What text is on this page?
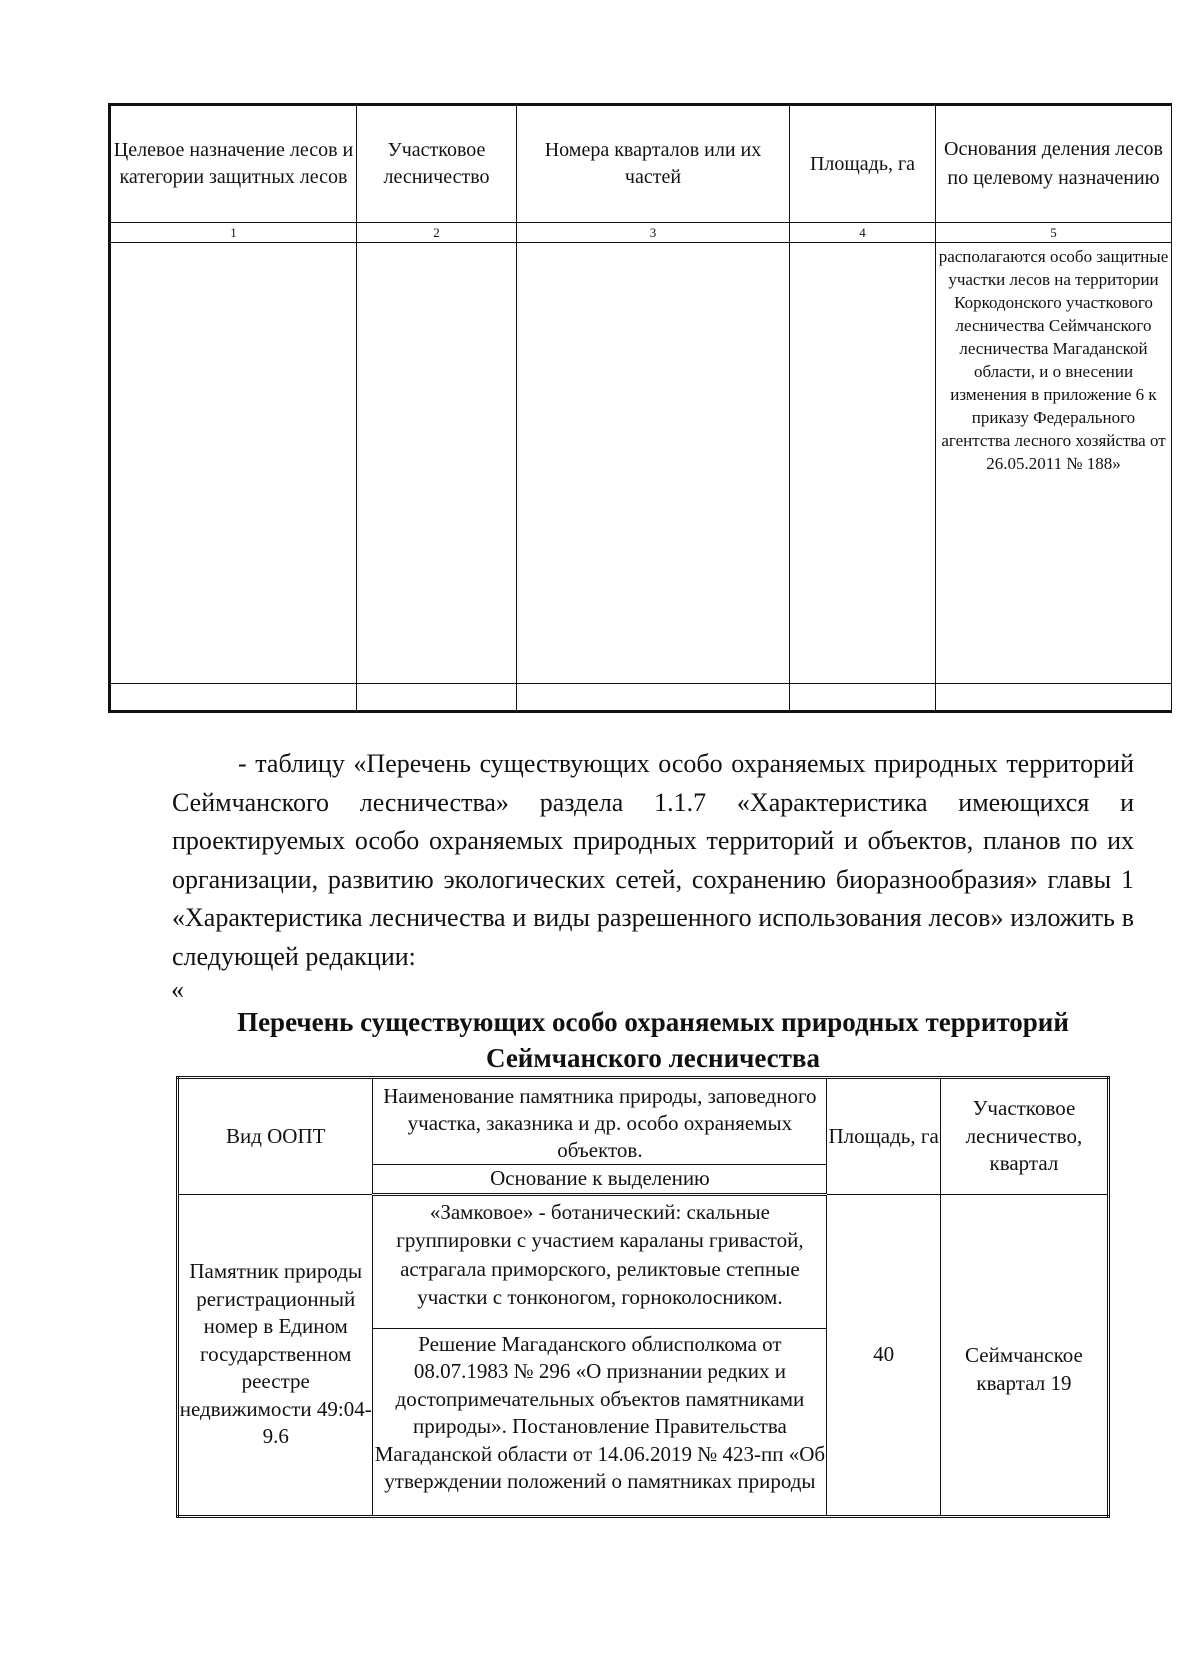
Целевое назначение лесов и категории защитных лесов	Участковое лесничество	Номера кварталов или их частей	Площадь, га	Основания деления лесов по целевому назначению
1	2	3	4	5
				располагаются особо защитные участки лесов на территории Коркодонского участкового лесничества Сеймчанского лесничества Магаданской области, и о внесении изменения в приложение 6 к приказу Федерального агентства лесного хозяйства от 26.05.2011 № 188»

- таблицу «Перечень существующих особо охраняемых природных территорий Сеймчанского лесничества» раздела 1.1.7 «Характеристика имеющихся и проектируемых особо охраняемых природных территорий и объектов, планов по их организации, развитию экологических сетей, сохранению биоразнообразия» главы 1 «Характеристика лесничества и виды разрешенного использования лесов» изложить в следующей редакции:

«

Перечень существующих особо охраняемых природных территорий Сеймчанского лесничества

Вид ООПТ	Наименование памятника природы, заповедного участка, заказника и др. особо охраняемых объектов.	Площадь, га	Участковое лесничество, квартал
	Основание к выделению		
Памятник природы регистрационный номер в Едином государственном реестре недвижимости 49:04-9.6	«Замковое» - ботанический: скальные группировки с участием караланы гривастой, астрагала приморского, реликтовые степные участки с тонконогом, горноколосником.	40	Сеймчанское квартал 19
	Решение Магаданского облисполкома от 08.07.1983 № 296 «О признании редких и достопримечательных объектов памятниками природы». Постановление Правительства Магаданской области от 14.06.2019 № 423-пп «Об утверждении положений о памятниках природы		
